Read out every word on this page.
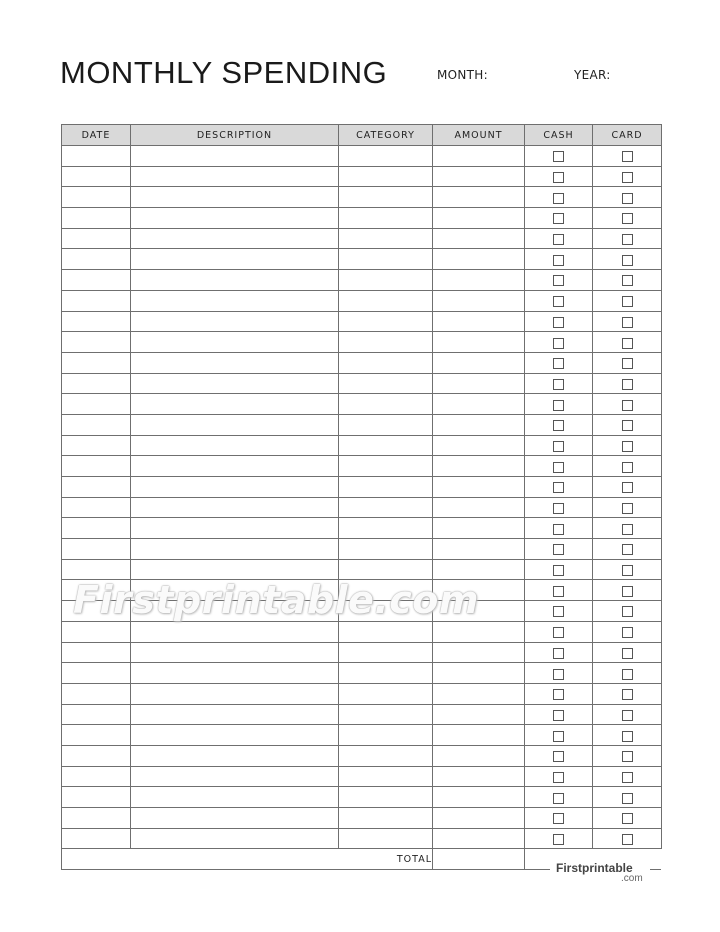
MONTHLY SPENDING	MONTH:	YEAR:
DATE	DESCRIPTION	CATEGORY	AMOUNT	CASH	CARD

TOTAL					
Firstprintable.com
Firstprintable
.com
